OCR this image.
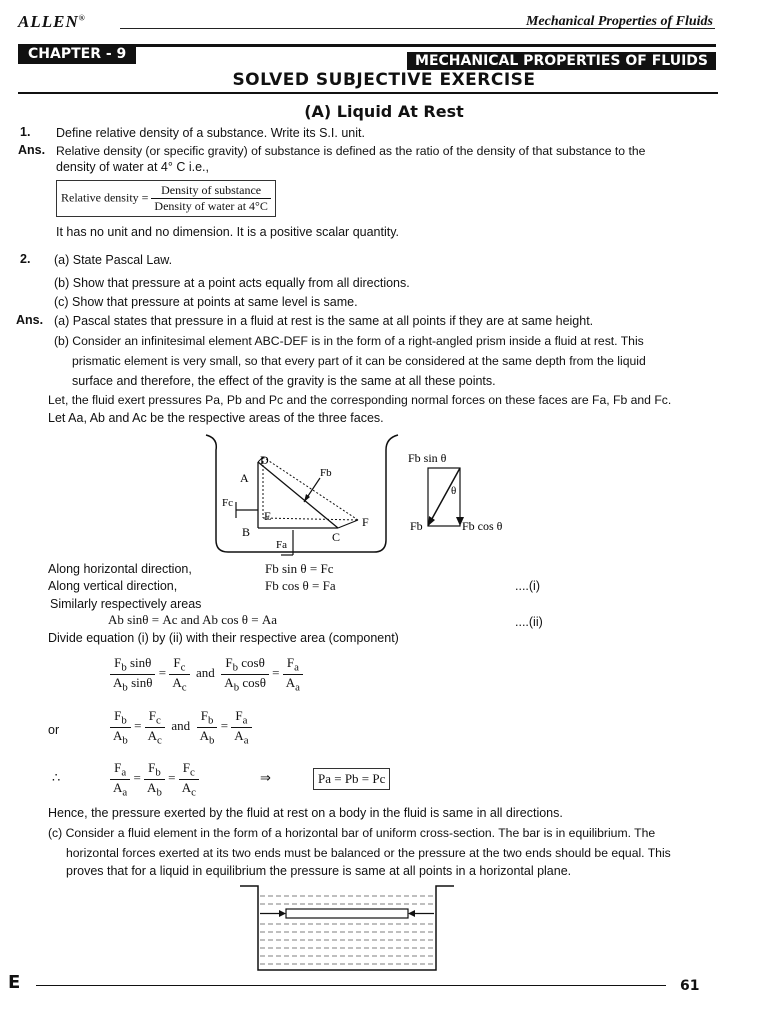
ALLEN®	Mechanical Properties of Fluids
CHAPTER - 9	MECHANICAL PROPERTIES OF FLUIDS
SOLVED SUBJECTIVE EXERCISE
(A) Liquid At Rest
1. Define relative density of a substance. Write its S.I. unit.
Ans. Relative density (or specific gravity) of substance is defined as the ratio of the density of that substance to the
density of water at 4° C i.e.,
Relative density = $\frac{\text{Density of substance}}{\text{Density of water at 4°C}}$
It has no unit and no dimension. It is a positive scalar quantity.
2. (a) State Pascal Law.
(b) Show that pressure at a point acts equally from all directions.
(c) Show that pressure at points at same level is same.
Ans. (a) Pascal states that pressure in a fluid at rest is the same at all points if they are at same height.
(b) Consider an infinitesimal element ABC-DEF is in the form of a right-angled prism inside a fluid at rest. This
prismatic element is very small, so that every part of it can be considered at the same depth from the liquid
surface and therefore, the effect of the gravity is the same at all these points.
Let, the fluid exert pressures Pa, Pb and Pc and the corresponding normal forces on these faces are Fa, Fb and Fc.
Let Aa, Ab and Ac be the respective areas of the three faces.
A
D
B
E
C
F
Fb
Fc
Fa
Fb sin θ
Fb	Fb cos θ
θ
Along horizontal direction,	Fb sin θ = Fc
Along vertical direction,	Fb cos θ = Fa	....(i)
Similarly respectively areas
Ab sinθ = Ac and Ab cos θ = Aa	....(ii)
Divide equation (i) by (ii) with their respective area (component)
$\frac{F_b \sin\theta}{A_b \sin\theta} = \frac{F_c}{A_c}$ and $\frac{F_b \cos\theta}{A_b \cos\theta} = \frac{F_a}{A_a}$
or	$\frac{F_b}{A_b} = \frac{F_c}{A_c}$ and $\frac{F_b}{A_b} = \frac{F_a}{A_a}$
∴	$\frac{F_a}{A_a} = \frac{F_b}{A_b} = \frac{F_c}{A_c}$	⇒	Pa = Pb = Pc
Hence, the pressure exerted by the fluid at rest on a body in the fluid is same in all directions.
(c) Consider a fluid element in the form of a horizontal bar of uniform cross-section. The bar is in equilibrium. The
horizontal forces exerted at its two ends must be balanced or the pressure at the two ends should be equal. This
proves that for a liquid in equilibrium the pressure is same at all points in a horizontal plane.
E	61
